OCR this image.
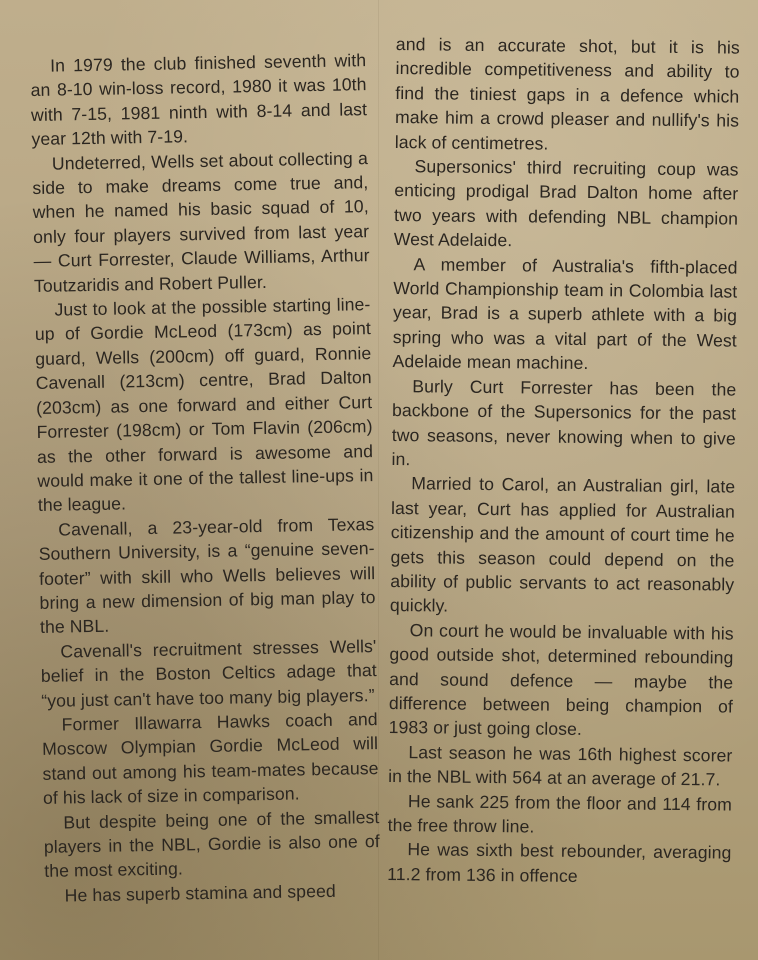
In 1979 the club finished seventh with an 8-10 win-loss record, 1980 it was 10th with 7-15, 1981 ninth with 8-14 and last year 12th with 7-19.

Undeterred, Wells set about collecting a side to make dreams come true and, when he named his basic squad of 10, only four players survived from last year — Curt Forrester, Claude Williams, Arthur Toutzaridis and Robert Puller.

Just to look at the possible starting line-up of Gordie McLeod (173cm) as point guard, Wells (200cm) off guard, Ronnie Cavenall (213cm) centre, Brad Dalton (203cm) as one forward and either Curt Forrester (198cm) or Tom Flavin (206cm) as the other forward is awesome and would make it one of the tallest line-ups in the league.

Cavenall, a 23-year-old from Texas Southern University, is a “genuine seven-footer” with skill who Wells believes will bring a new dimension of big man play to the NBL.

Cavenall's recruitment stresses Wells' belief in the Boston Celtics adage that “you just can't have too many big players.”

Former Illawarra Hawks coach and Moscow Olympian Gordie McLeod will stand out among his team-mates because of his lack of size in comparison.

But despite being one of the smallest players in the NBL, Gordie is also one of the most exciting.

He has superb stamina and speed

and is an accurate shot, but it is his incredible competitiveness and ability to find the tiniest gaps in a defence which make him a crowd pleaser and nullify's his lack of centimetres.

Supersonics' third recruiting coup was enticing prodigal Brad Dalton home after two years with defending NBL champion West Adelaide.

A member of Australia's fifth-placed World Championship team in Colombia last year, Brad is a superb athlete with a big spring who was a vital part of the West Adelaide mean machine.

Burly Curt Forrester has been the backbone of the Supersonics for the past two seasons, never knowing when to give in.

Married to Carol, an Australian girl, late last year, Curt has applied for Australian citizenship and the amount of court time he gets this season could depend on the ability of public servants to act reasonably quickly.

On court he would be invaluable with his good outside shot, determined rebounding and sound defence — maybe the difference between being champion of 1983 or just going close.

Last season he was 16th highest scorer in the NBL with 564 at an average of 21.7.

He sank 225 from the floor and 114 from the free throw line.

He was sixth best rebounder, averaging 11.2 from 136 in offence
